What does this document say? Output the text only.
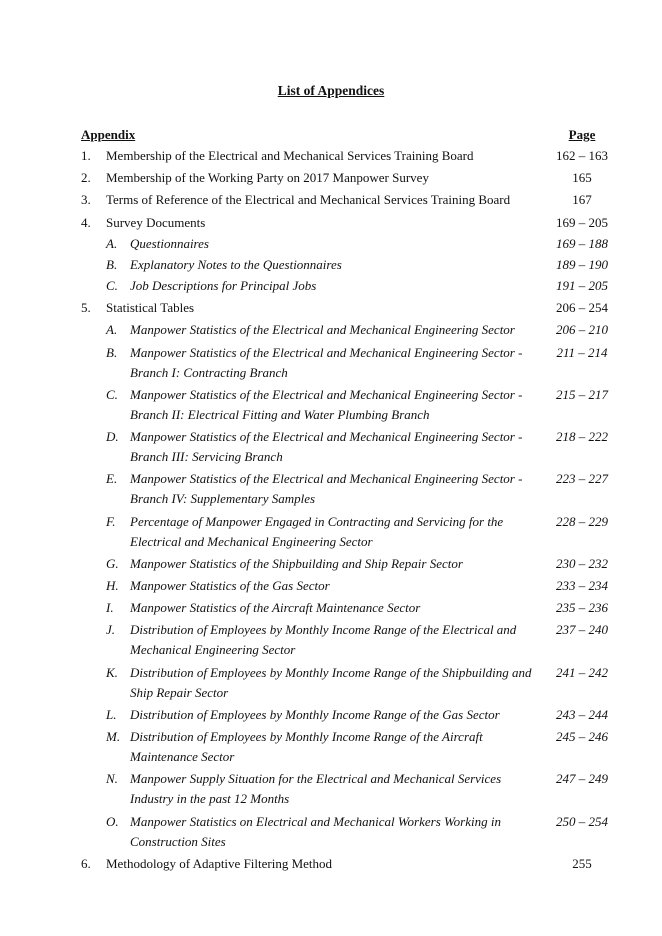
List of Appendices
Appendix	Page
1. Membership of the Electrical and Mechanical Services Training Board	162 – 163
2. Membership of the Working Party on 2017 Manpower Survey	165
3. Terms of Reference of the Electrical and Mechanical Services Training Board	167
4. Survey Documents	169 – 205
A. Questionnaires	169 – 188
B. Explanatory Notes to the Questionnaires	189 – 190
C. Job Descriptions for Principal Jobs	191 – 205
5. Statistical Tables	206 – 254
A. Manpower Statistics of the Electrical and Mechanical Engineering Sector	206 – 210
B. Manpower Statistics of the Electrical and Mechanical Engineering Sector - Branch I: Contracting Branch
211 – 214
C. Manpower Statistics of the Electrical and Mechanical Engineering Sector - Branch II: Electrical Fitting and Water Plumbing Branch
215 – 217
D. Manpower Statistics of the Electrical and Mechanical Engineering Sector - Branch III: Servicing Branch
218 – 222
E. Manpower Statistics of the Electrical and Mechanical Engineering Sector - Branch IV: Supplementary Samples
223 – 227
F. Percentage of Manpower Engaged in Contracting and Servicing for the Electrical and Mechanical Engineering Sector
228 – 229
G. Manpower Statistics of the Shipbuilding and Ship Repair Sector	230 – 232
H. Manpower Statistics of the Gas Sector	233 – 234
I. Manpower Statistics of the Aircraft Maintenance Sector	235 – 236
J. Distribution of Employees by Monthly Income Range of the Electrical and Mechanical Engineering Sector
237 – 240
K. Distribution of Employees by Monthly Income Range of the Shipbuilding and Ship Repair Sector
241 – 242
L. Distribution of Employees by Monthly Income Range of the Gas Sector	243 – 244
M. Distribution of Employees by Monthly Income Range of the Aircraft Maintenance Sector
245 – 246
N. Manpower Supply Situation for the Electrical and Mechanical Services Industry in the past 12 Months
247 – 249
O. Manpower Statistics on Electrical and Mechanical Workers Working in Construction Sites
250 – 254
6. Methodology of Adaptive Filtering Method	255
